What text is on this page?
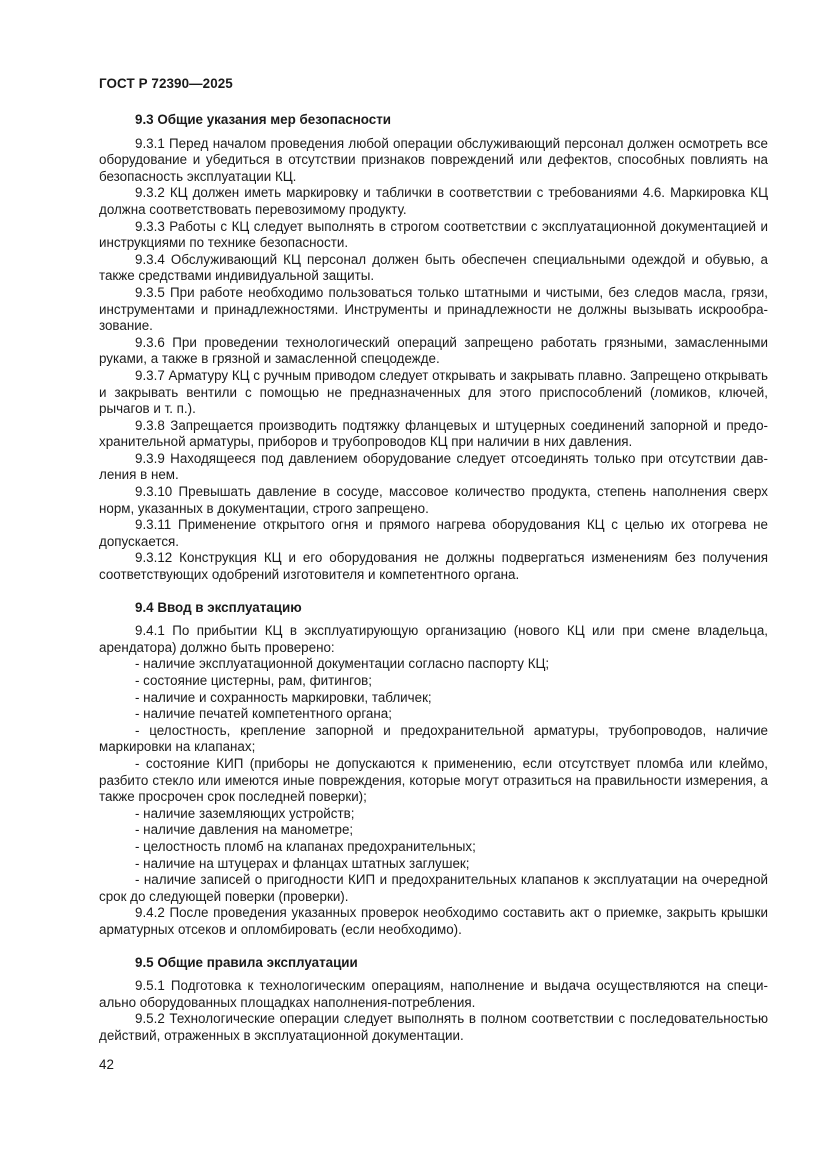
ГОСТ Р 72390—2025

9.3 Общие указания мер безопасности

9.3.1 Перед началом проведения любой операции обслуживающий персонал должен осмотреть все оборудование и убедиться в отсутствии признаков повреждений или дефектов, способных повлиять на безопасность эксплуатации КЦ.

9.3.2 КЦ должен иметь маркировку и таблички в соответствии с требованиями 4.6. Маркировка КЦ должна соответствовать перевозимому продукту.

9.3.3 Работы с КЦ следует выполнять в строгом соответствии с эксплуатационной документацией и инструкциями по технике безопасности.

9.3.4 Обслуживающий КЦ персонал должен быть обеспечен специальными одеждой и обувью, а также средствами индивидуальной защиты.

9.3.5 При работе необходимо пользоваться только штатными и чистыми, без следов масла, грязи, инструментами и принадлежностями. Инструменты и принадлежности не должны вызывать искрообразование.

9.3.6 При проведении технологический операций запрещено работать грязными, замасленными руками, а также в грязной и замасленной спецодежде.

9.3.7 Арматуру КЦ с ручным приводом следует открывать и закрывать плавно. Запрещено открывать и закрывать вентили с помощью не предназначенных для этого приспособлений (ломиков, ключей, рычагов и т. п.).

9.3.8 Запрещается производить подтяжку фланцевых и штуцерных соединений запорной и предохранительной арматуры, приборов и трубопроводов КЦ при наличии в них давления.

9.3.9 Находящееся под давлением оборудование следует отсоединять только при отсутствии давления в нем.

9.3.10 Превышать давление в сосуде, массовое количество продукта, степень наполнения сверх норм, указанных в документации, строго запрещено.

9.3.11 Применение открытого огня и прямого нагрева оборудования КЦ с целью их отогрева не допускается.

9.3.12 Конструкция КЦ и его оборудования не должны подвергаться изменениям без получения соответствующих одобрений изготовителя и компетентного органа.

9.4 Ввод в эксплуатацию

9.4.1 По прибытии КЦ в эксплуатирующую организацию (нового КЦ или при смене владельца, арендатора) должно быть проверено:

- наличие эксплуатационной документации согласно паспорту КЦ;

- состояние цистерны, рам, фитингов;

- наличие и сохранность маркировки, табличек;

- наличие печатей компетентного органа;

- целостность, крепление запорной и предохранительной арматуры, трубопроводов, наличие маркировки на клапанах;

- состояние КИП (приборы не допускаются к применению, если отсутствует пломба или клеймо, разбито стекло или имеются иные повреждения, которые могут отразиться на правильности измерения, а также просрочен срок последней поверки);

- наличие заземляющих устройств;

- наличие давления на манометре;

- целостность пломб на клапанах предохранительных;

- наличие на штуцерах и фланцах штатных заглушек;

- наличие записей о пригодности КИП и предохранительных клапанов к эксплуатации на очередной срок до следующей поверки (проверки).

9.4.2 После проведения указанных проверок необходимо составить акт о приемке, закрыть крышки арматурных отсеков и опломбировать (если необходимо).

9.5 Общие правила эксплуатации

9.5.1 Подготовка к технологическим операциям, наполнение и выдача осуществляются на специально оборудованных площадках наполнения-потребления.

9.5.2 Технологические операции следует выполнять в полном соответствии с последовательностью действий, отраженных в эксплуатационной документации.

42
